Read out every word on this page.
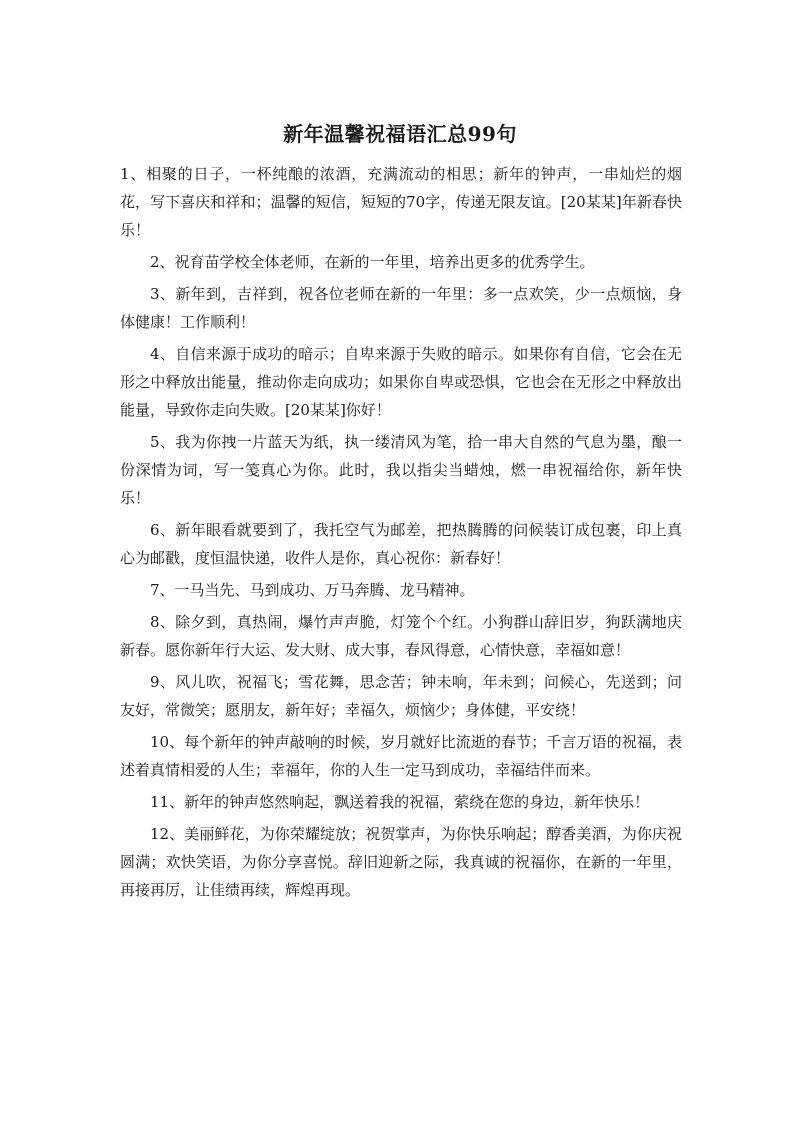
新年温馨祝福语汇总99句

1、相聚的日子，一杯纯酿的浓酒，充满流动的相思；新年的钟声，一串灿烂的烟花，写下喜庆和祥和；温馨的短信，短短的70字，传递无限友谊。[20某某]年新春快乐！

2、祝育苗学校全体老师，在新的一年里，培养出更多的优秀学生。

3、新年到，吉祥到，祝各位老师在新的一年里：多一点欢笑，少一点烦恼，身体健康！工作顺利！

4、自信来源于成功的暗示；自卑来源于失败的暗示。如果你有自信，它会在无形之中释放出能量，推动你走向成功；如果你自卑或恐惧，它也会在无形之中释放出能量，导致你走向失败。[20某某]你好！

5、我为你拽一片蓝天为纸，执一缕清风为笔，拾一串大自然的气息为墨，酿一份深情为词，写一笺真心为你。此时，我以指尖当蜡烛，燃一串祝福给你，新年快乐！

6、新年眼看就要到了，我托空气为邮差，把热腾腾的问候装订成包裹，印上真心为邮戳，度恒温快递，收件人是你，真心祝你：新春好！

7、一马当先、马到成功、万马奔腾、龙马精神。

8、除夕到，真热闹，爆竹声声脆，灯笼个个红。小狗群山辞旧岁，狗跃满地庆新春。愿你新年行大运、发大财、成大事，春风得意，心情快意，幸福如意！

9、风儿吹，祝福飞；雪花舞，思念苦；钟未响，年未到；问候心，先送到；问友好，常微笑；愿朋友，新年好；幸福久，烦恼少；身体健，平安绕！

10、每个新年的钟声敲响的时候，岁月就好比流逝的春节；千言万语的祝福，表述着真情相爱的人生；幸福年，你的人生一定马到成功，幸福结伴而来。

11、新年的钟声悠然响起，飘送着我的祝福，萦绕在您的身边，新年快乐！

12、美丽鲜花，为你荣耀绽放；祝贺掌声，为你快乐响起；醇香美酒，为你庆祝圆满；欢快笑语，为你分享喜悦。辞旧迎新之际，我真诚的祝福你，在新的一年里，再接再厉，让佳绩再续，辉煌再现。
